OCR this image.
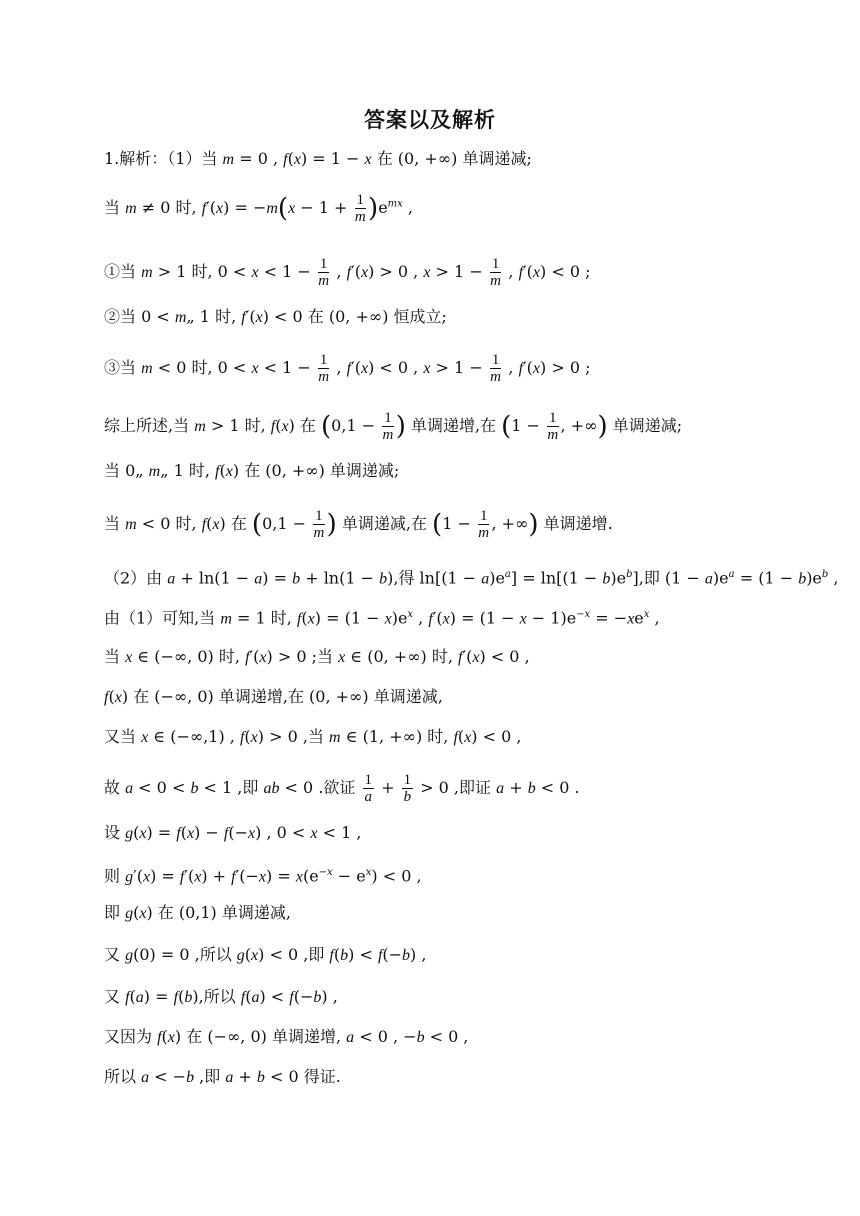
答案以及解析
1.解析：（1）当 m = 0 , f(x) = 1 − x 在 (0, +∞) 单调递减;
当 m ≠ 0 时, $f'(x) = -m(x - 1 + \frac{1}{m} )e^{mx}$ ,
①当 m > 1 时, $0 < x < 1 - \frac{1}{m}$ , f′(x) > 0 , $x > 1 - \frac{1}{m}$ , f′(x) < 0 ;
②当 0 < m„ 1 时, f′(x) < 0 在 (0, +∞) 恒成立;
③当 m < 0 时, $0 < x < 1 - \frac{1}{m}$ , f′(x) < 0 , $x > 1 - \frac{1}{m}$ , f′(x) > 0 ;
综上所述,当 m > 1 时, f(x) 在 ($0,1 - \frac{1}{m}$ ) 单调递增,在 ($1 - \frac{1}{m}$ , +∞) 单调递减;
当 0„ m„ 1 时, f(x) 在 (0, +∞) 单调递减;
当 m < 0 时, f(x) 在 ($0,1 - \frac{1}{m}$ ) 单调递减,在 ($1 - \frac{1}{m}$ , +∞) 单调递增.
（2）由 a + ln(1 − a) = b + ln(1 − b),得 $\ln[(1 - a)e^a] = \ln[(1 - b)e^b]$,即 $(1 - a)e^a = (1 - b)e^b$ ,
由（1）可知,当 m = 1 时, $f(x) = (1 - x)e^x$ , $f'(x) = (1 - x - 1)e^{-x} = -xe^x$ ,
当 x ∈ (−∞, 0) 时, f′(x) > 0 ;当 x ∈ (0, +∞) 时, f′(x) < 0 ,
f(x) 在 (−∞, 0) 单调递增,在 (0, +∞) 单调递减,
又当 x ∈ (−∞,1) , f(x) > 0 ,当 m ∈ (1, +∞) 时, f(x) < 0 ,
故 a < 0 < b < 1 ,即 ab < 0 .欲证 $\frac{1}{a} + \frac{1}{b} > 0$ ,即证 a + b < 0 .
设 g(x) = f(x) − f(−x) , 0 < x < 1 ,
则 $g'(x) = f'(x) + f'(-x) = x(e^{-x} - e^x) < 0$ ,
即 g(x) 在 (0,1) 单调递减,
又 g(0) = 0 ,所以 g(x) < 0 ,即 f(b) < f(−b) ,
又 f(a) = f(b),所以 f(a) < f(−b) ,
又因为 f(x) 在 (−∞, 0) 单调递增, a < 0 , −b < 0 ,
所以 a < −b ,即 a + b < 0 得证.
